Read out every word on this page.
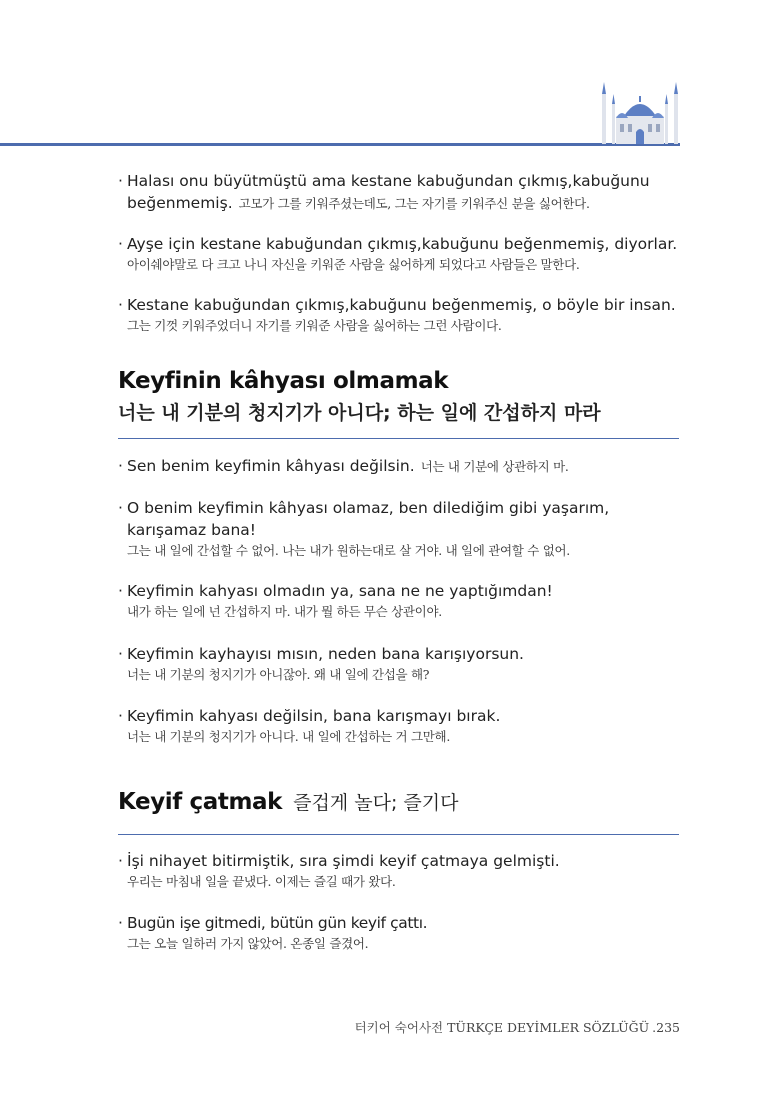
· Halası onu büyütmüştü ama kestane kabuğundan çıkmış,kabuğunu

beğenmemiş. 고모가 그를 키워주셨는데도, 그는 자기를 키워주신 분을 싫어한다.

· Ayşe için kestane kabuğundan çıkmış,kabuğunu beğenmemiş, diyorlar.

아이쉐야말로 다 크고 나니 자신을 키워준 사람을 싫어하게 되었다고 사람들은 말한다.

· Kestane kabuğundan çıkmış,kabuğunu beğenmemiş, o böyle bir insan.

그는 기껏 키워주었더니 자기를 키워준 사람을 싫어하는 그런 사람이다.

Keyfinin kâhyası olmamak
너는 내 기분의 청지기가 아니다; 하는 일에 간섭하지 마라

· Sen benim keyfimin kâhyası değilsin. 너는 내 기분에 상관하지 마.

· O benim keyfimin kâhyası olamaz, ben dilediğim gibi yaşarım,

karışamaz bana!

그는 내 일에 간섭할 수 없어. 나는 내가 원하는대로 살 거야. 내 일에 관여할 수 없어.

· Keyfimin kahyası olmadın ya, sana ne ne yaptığımdan!

내가 하는 일에 넌 간섭하지 마. 내가 뭘 하든 무슨 상관이야.

· Keyfimin kayhayısı mısın, neden bana karışıyorsun.

너는 내 기분의 청지기가 아니잖아. 왜 내 일에 간섭을 해?

· Keyfimin kahyası değilsin, bana karışmayı bırak.

너는 내 기분의 청지기가 아니다. 내 일에 간섭하는 거 그만해.

Keyif çatmak 즐겁게 놀다; 즐기다

· İşi nihayet bitirmiştik, sıra şimdi keyif çatmaya gelmişti.

우리는 마침내 일을 끝냈다. 이제는 즐길 때가 왔다.

· Bugün işe gitmedi, bütün gün keyif çattı.

그는 오늘 일하러 가지 않았어. 온종일 즐겼어.

터키어 숙어사전 TÜRKÇE DEYİMLER SÖZLÜĞÜ .235
